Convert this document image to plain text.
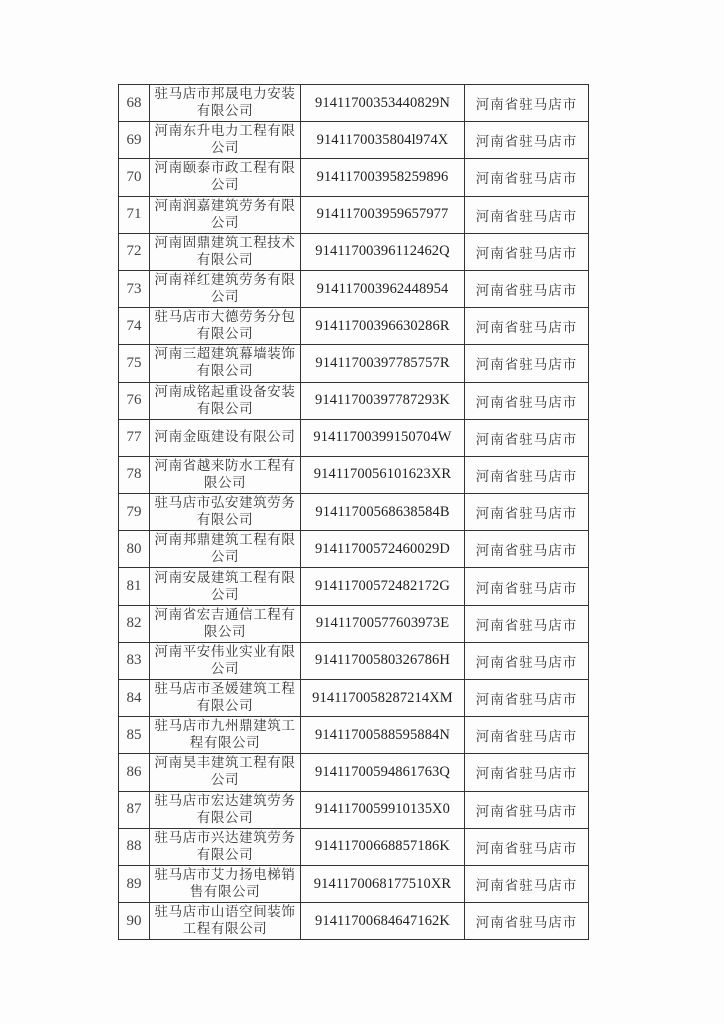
68	驻马店市邦晟电力安装有限公司	91411700353440829N	河南省驻马店市
69	河南东升电力工程有限公司	9141170035804l974X	河南省驻马店市
70	河南颐泰市政工程有限公司	914117003958259896	河南省驻马店市
71	河南润嘉建筑劳务有限公司	914117003959657977	河南省驻马店市
72	河南固鼎建筑工程技术有限公司	91411700396112462Q	河南省驻马店市
73	河南祥红建筑劳务有限公司	914117003962448954	河南省驻马店市
74	驻马店市大德劳务分包有限公司	91411700396630286R	河南省驻马店市
75	河南三超建筑幕墙装饰有限公司	91411700397785757R	河南省驻马店市
76	河南成铭起重设备安装有限公司	91411700397787293K	河南省驻马店市
77	河南金瓯建设有限公司	91411700399150704W	河南省驻马店市
78	河南省越来防水工程有限公司	9141170056101623XR	河南省驻马店市
79	驻马店市弘安建筑劳务有限公司	91411700568638584B	河南省驻马店市
80	河南邦鼎建筑工程有限公司	91411700572460029D	河南省驻马店市
81	河南安晟建筑工程有限公司	91411700572482172G	河南省驻马店市
82	河南省宏吉通信工程有限公司	91411700577603973E	河南省驻马店市
83	河南平安伟业实业有限公司	91411700580326786H	河南省驻马店市
84	驻马店市圣媛建筑工程有限公司	9141170058287214XM	河南省驻马店市
85	驻马店市九州鼎建筑工程有限公司	91411700588595884N	河南省驻马店市
86	河南昊丰建筑工程有限公司	91411700594861763Q	河南省驻马店市
87	驻马店市宏达建筑劳务有限公司	9141170059910135X0	河南省驻马店市
88	驻马店市兴达建筑劳务有限公司	91411700668857186K	河南省驻马店市
89	驻马店市艾力扬电梯销售有限公司	9141170068177510XR	河南省驻马店市
90	驻马店市山语空间装饰工程有限公司	91411700684647162K	河南省驻马店市
